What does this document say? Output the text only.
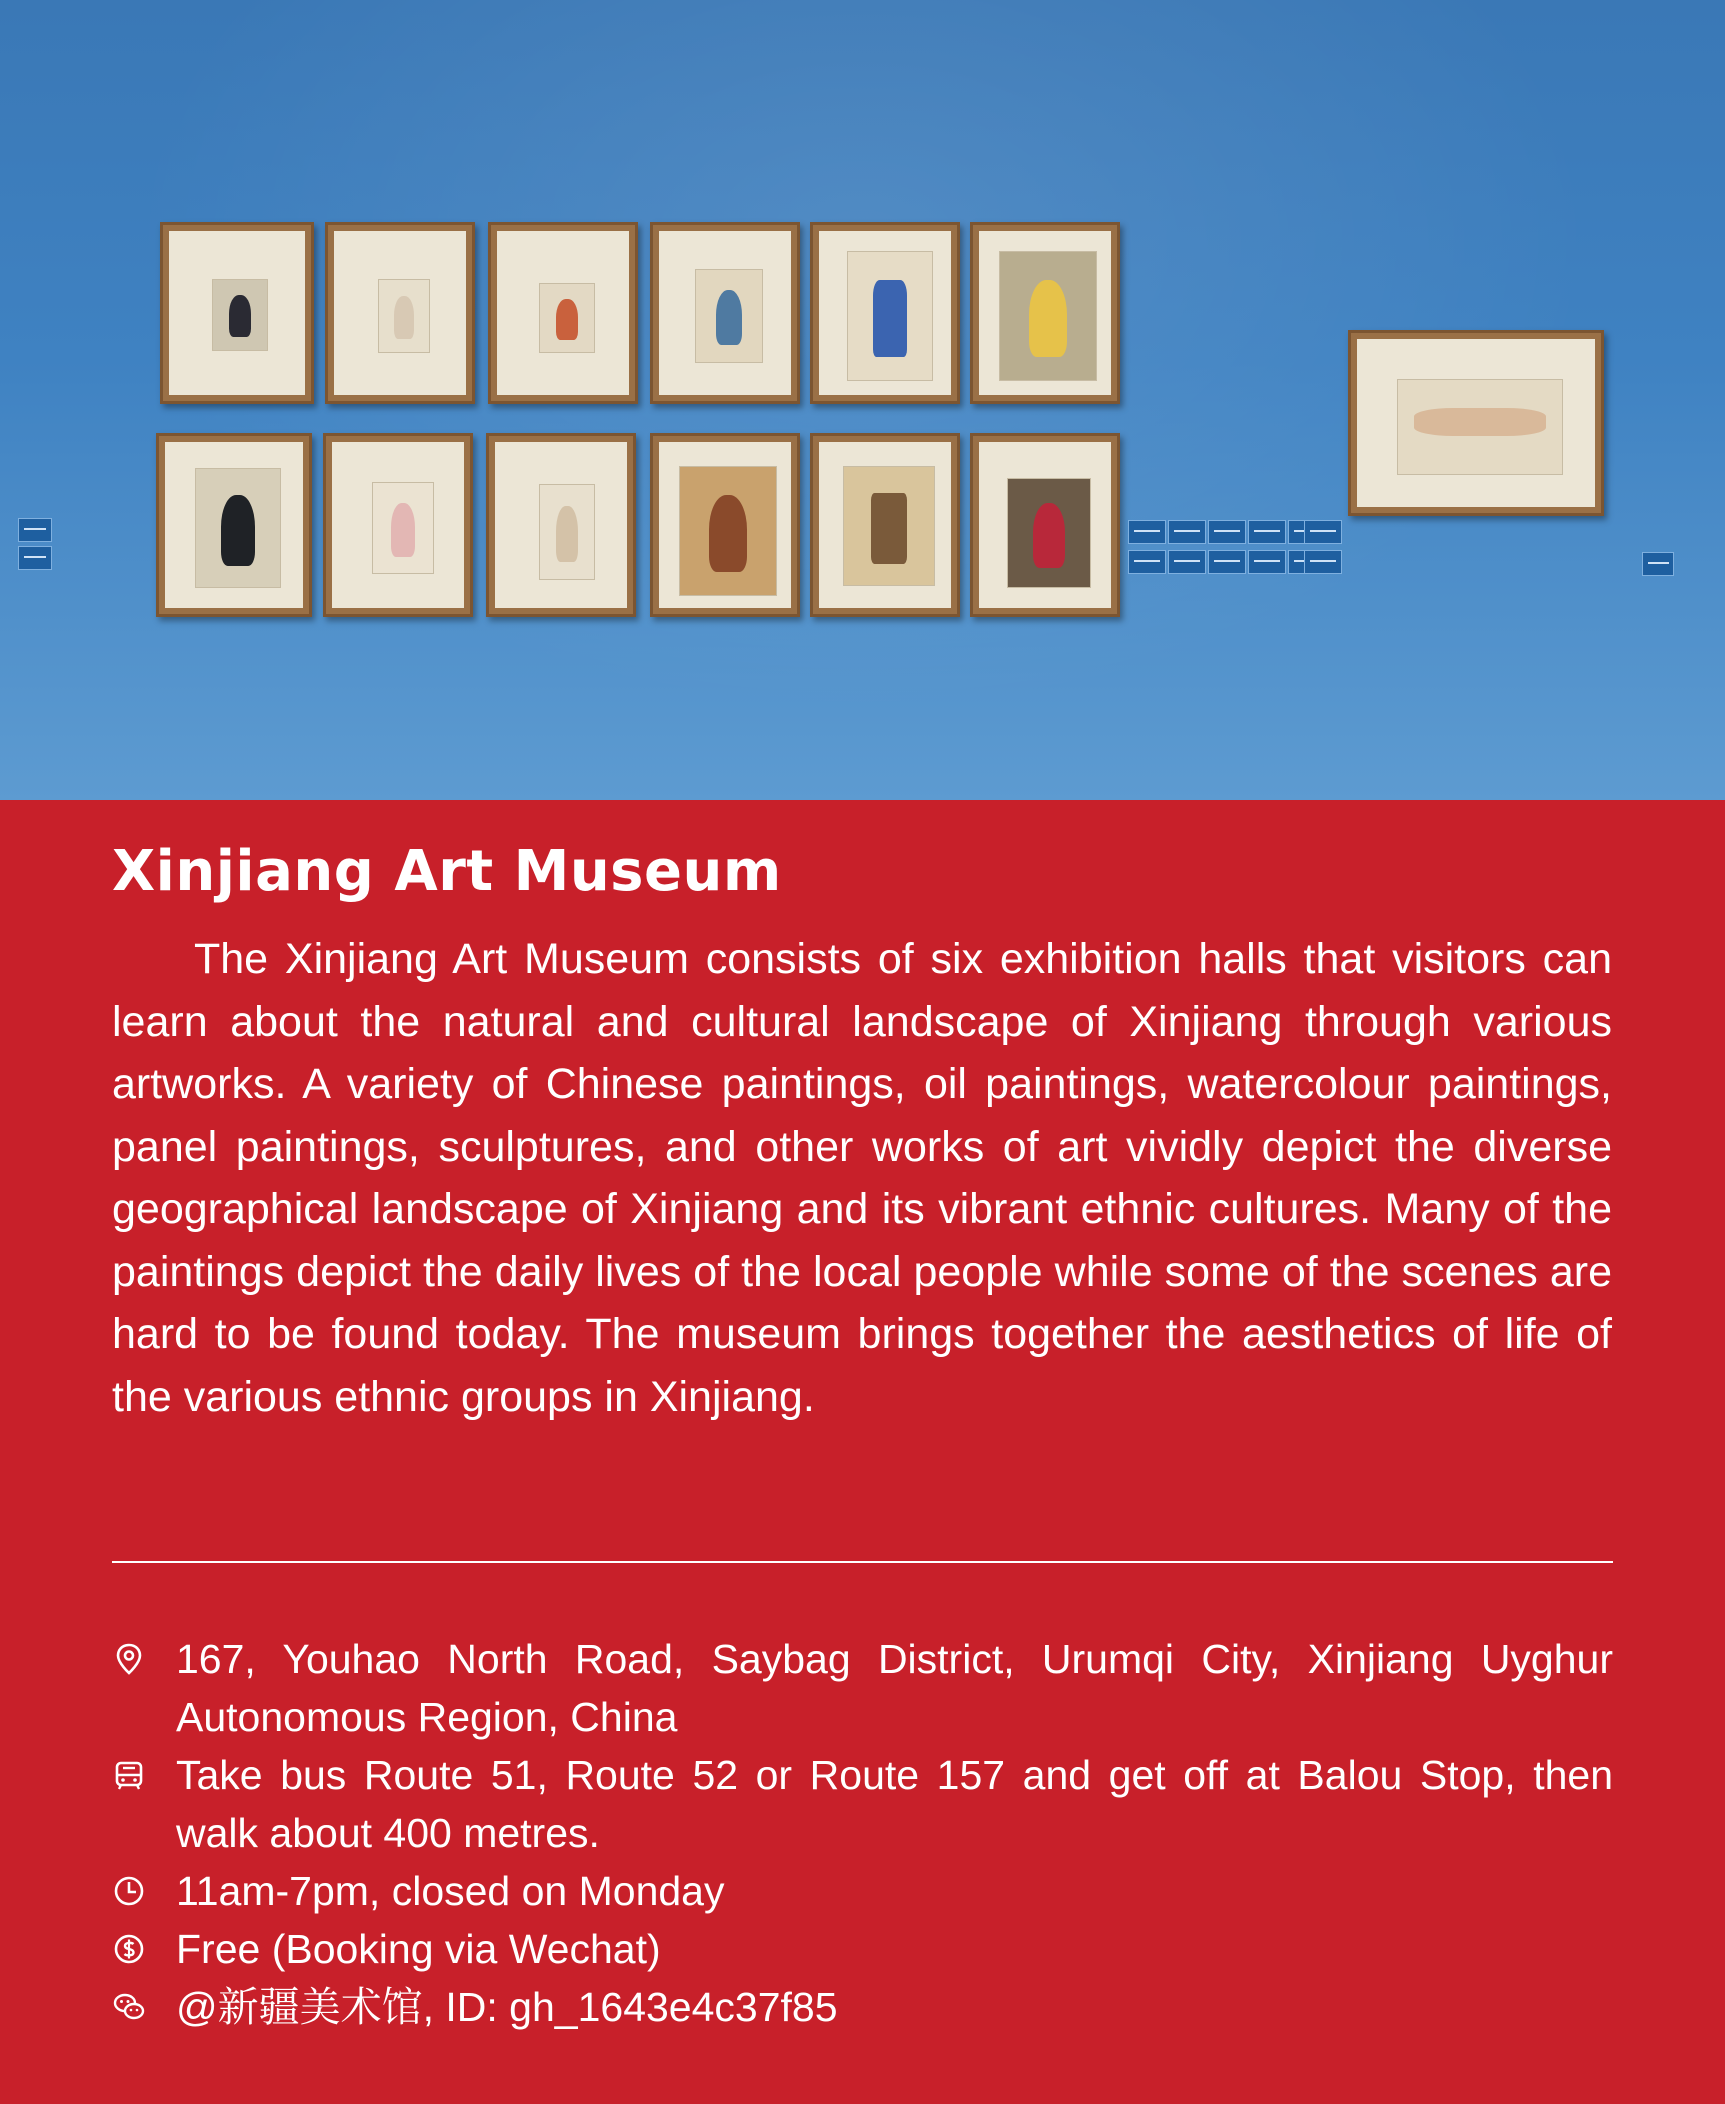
Xinjiang Art Museum

The Xinjiang Art Museum consists of six exhibition halls that visitors can learn about the natural and cultural landscape of Xinjiang through various artworks. A variety of Chinese paintings, oil paintings, watercolour paintings, panel paintings, sculptures, and other works of art vividly depict the diverse geographical landscape of Xinjiang and its vibrant ethnic cultures. Many of the paintings depict the daily lives of the local people while some of the scenes are hard to be found today. The museum brings together the aesthetics of life of the various ethnic groups in Xinjiang.

167, Youhao North Road, Saybag District, Urumqi City, Xinjiang Uyghur Autonomous Region, China
Take bus Route 51, Route 52 or Route 157 and get off at Balou Stop, then walk about 400 metres.
11am-7pm, closed on Monday
Free (Booking via Wechat)
@新疆美术馆, ID: gh_1643e4c37f85
